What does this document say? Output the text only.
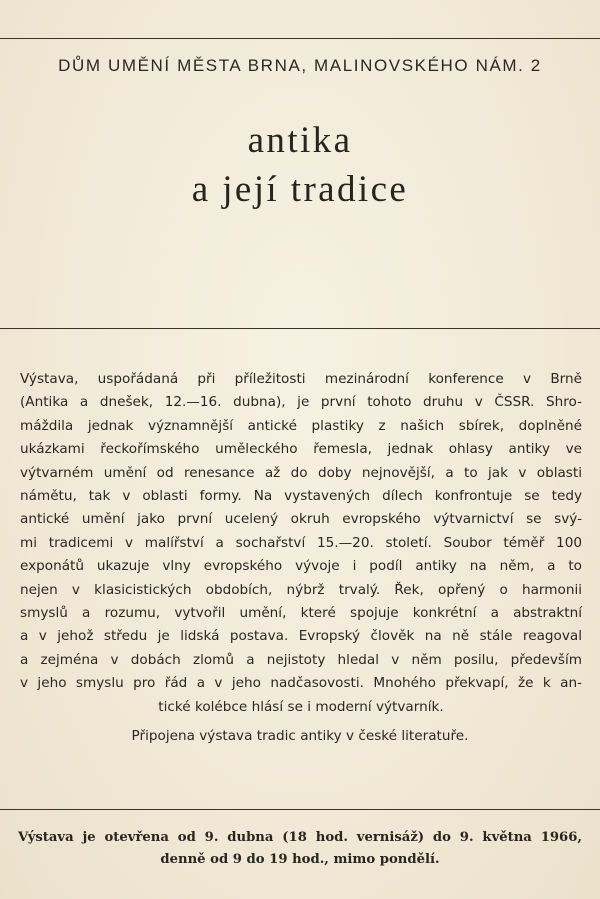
DŮM UMĚNÍ MĚSTA BRNA, MALINOVSKÉHO NÁM. 2

antika
a její tradice
Výstava, uspořádaná při příležitosti mezinárodní konference v Brně
(Antika a dnešek, 12.—16. dubna), je první tohoto druhu v ČSSR. Shro-
máždila jednak významnější antické plastiky z našich sbírek, doplněné
ukázkami řeckořímského uměleckého řemesla, jednak ohlasy antiky ve
výtvarném umění od renesance až do doby nejnovější, a to jak v oblasti
námětu, tak v oblasti formy. Na vystavených dílech konfrontuje se tedy
antické umění jako první ucelený okruh evropského výtvarnictví se svý-
mi tradicemi v malířství a sochařství 15.—20. století. Soubor téměř 100
exponátů ukazuje vlny evropského vývoje i podíl antiky na něm, a to
nejen v klasicistických obdobích, nýbrž trvalý. Řek, opřený o harmonii
smyslů a rozumu, vytvořil umění, které spojuje konkrétní a abstraktní
a v jehož středu je lidská postava. Evropský člověk na ně stále reagoval
a zejména v dobách zlomů a nejistoty hledal v něm posilu, především
v jeho smyslu pro řád a v jeho nadčasovosti. Mnohého překvapí, že k an-
tické kolébce hlásí se i moderní výtvarník.

Připojena výstava tradic antiky v české literatuře.

Výstava je otevřena od 9. dubna (18 hod. vernisáž) do 9. května 1966,
denně od 9 do 19 hod., mimo pondělí.
